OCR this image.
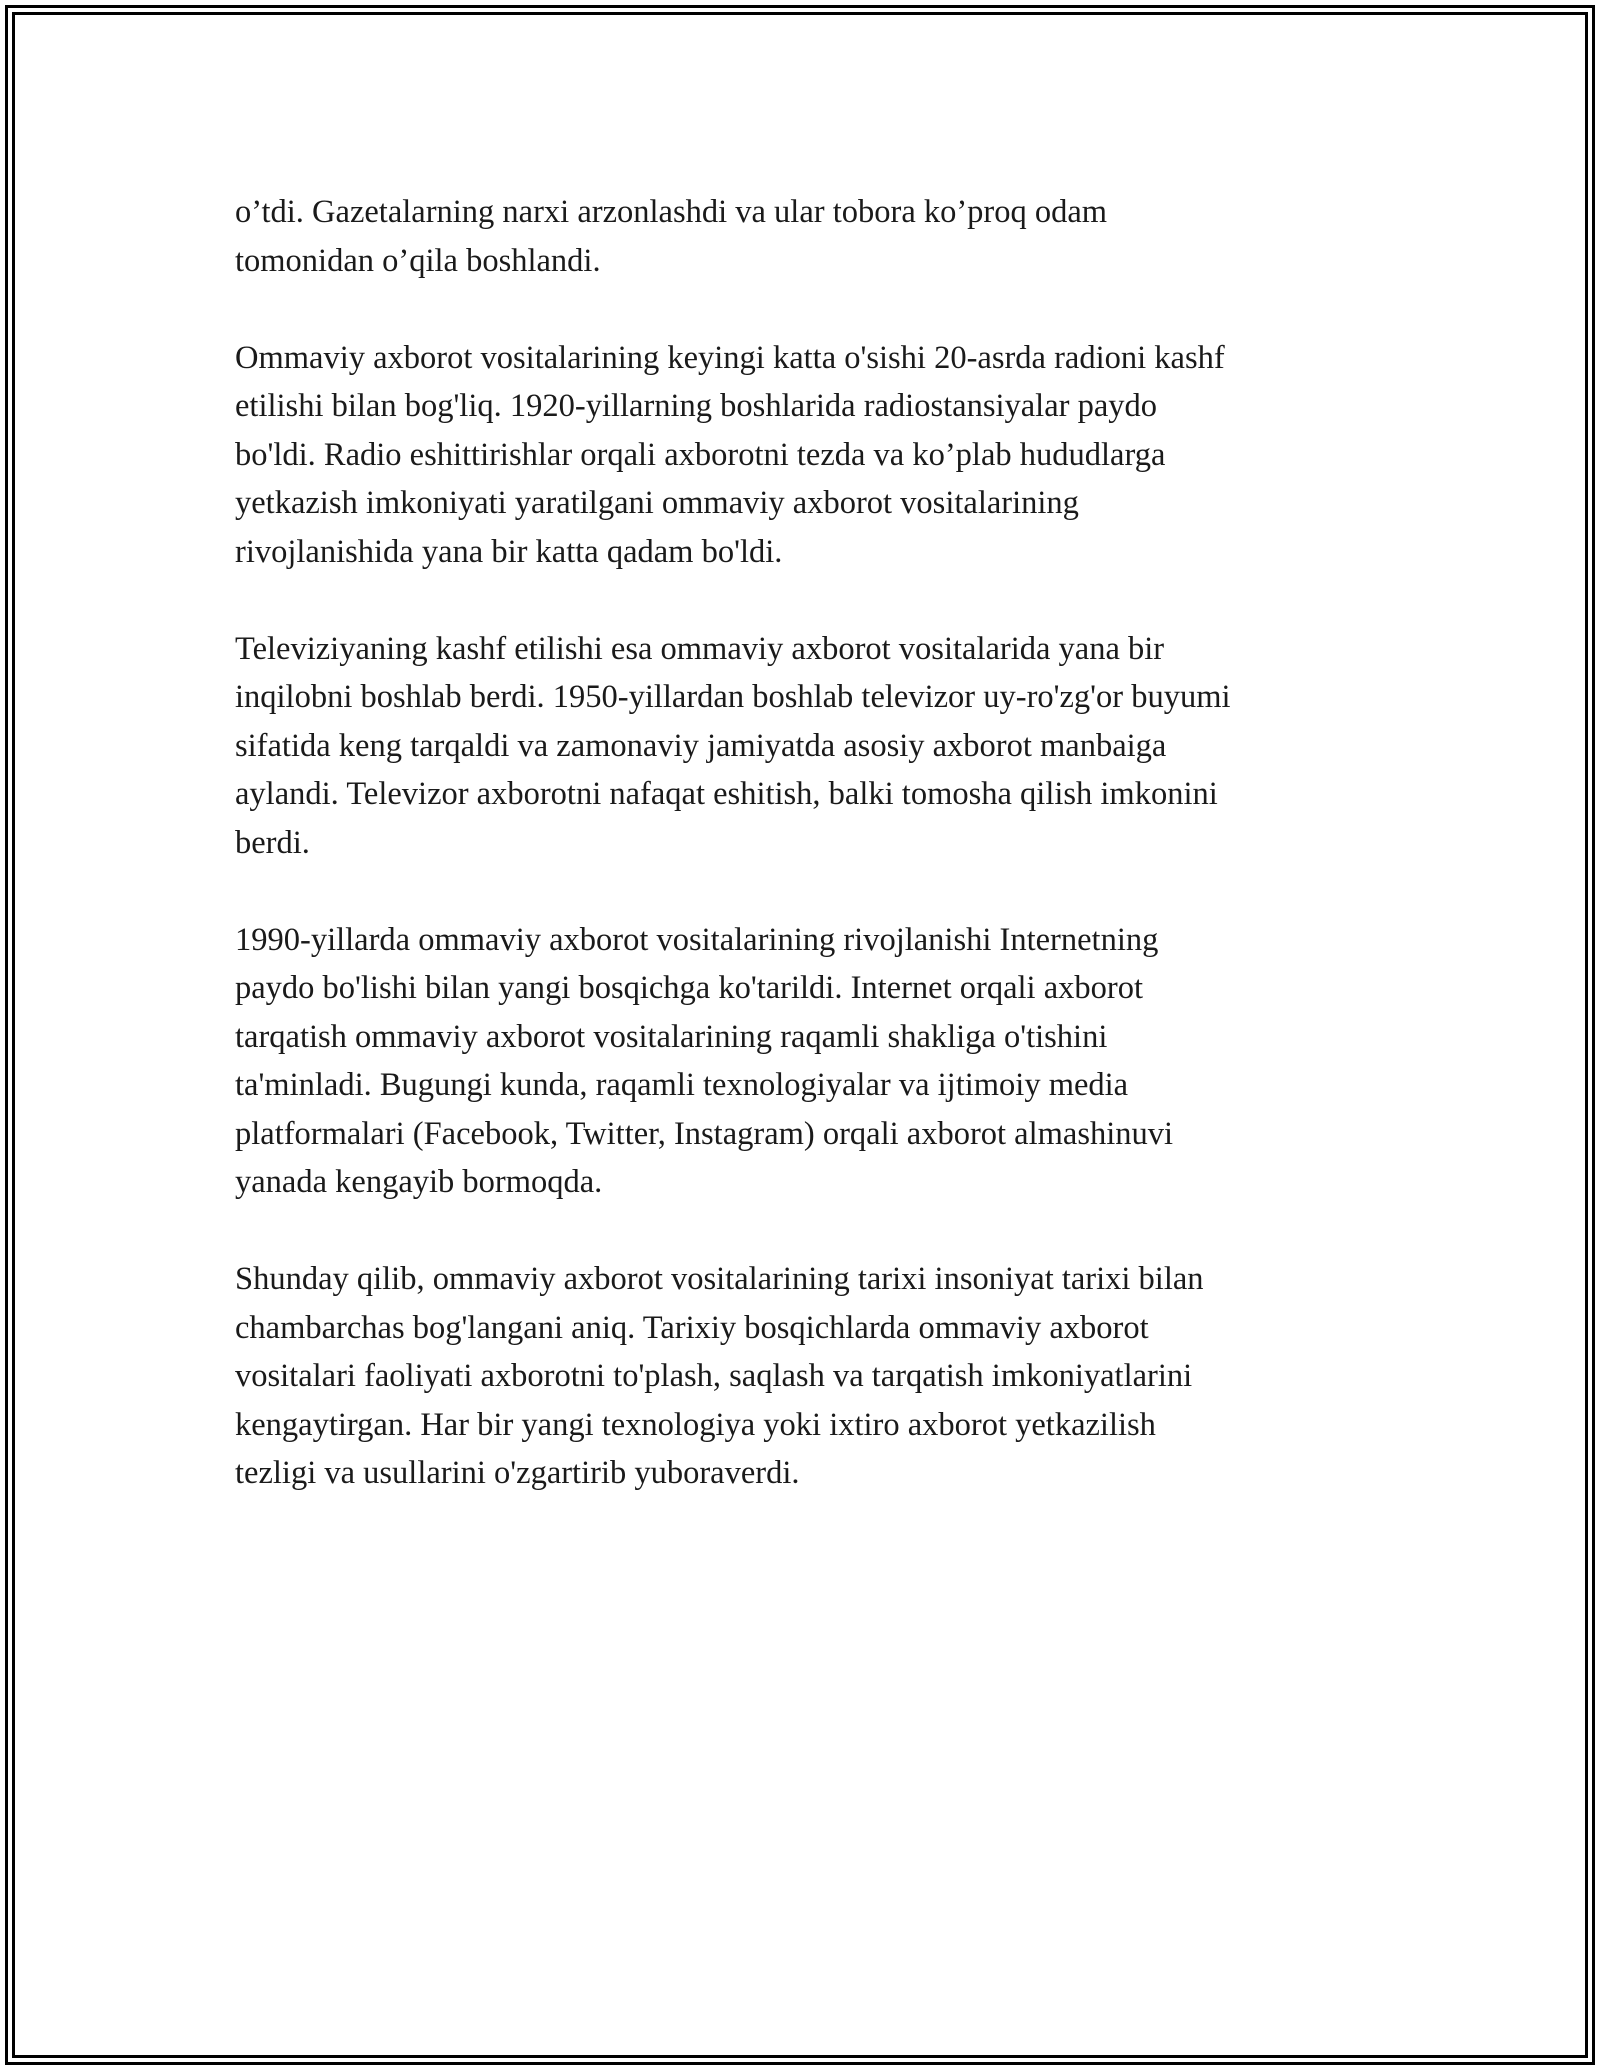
o’tdi. Gazetalarning narxi arzonlashdi va ular tobora ko’proq odam
tomonidan o’qila boshlandi.

Ommaviy axborot vositalarining keyingi katta o'sishi 20-asrda radioni kashf
etilishi bilan bog'liq. 1920-yillarning boshlarida radiostansiyalar paydo
bo'ldi. Radio eshittirishlar orqali axborotni tezda va ko’plab hududlarga
yetkazish imkoniyati yaratilgani ommaviy axborot vositalarining
rivojlanishida yana bir katta qadam bo'ldi.

Televiziyaning kashf etilishi esa ommaviy axborot vositalarida yana bir
inqilobni boshlab berdi. 1950-yillardan boshlab televizor uy-ro'zg'or buyumi
sifatida keng tarqaldi va zamonaviy jamiyatda asosiy axborot manbaiga
aylandi. Televizor axborotni nafaqat eshitish, balki tomosha qilish imkonini
berdi.

1990-yillarda ommaviy axborot vositalarining rivojlanishi Internetning
paydo bo'lishi bilan yangi bosqichga ko'tarildi. Internet orqali axborot
tarqatish ommaviy axborot vositalarining raqamli shakliga o'tishini
ta'minladi. Bugungi kunda, raqamli texnologiyalar va ijtimoiy media
platformalari (Facebook, Twitter, Instagram) orqali axborot almashinuvi
yanada kengayib bormoqda.

Shunday qilib, ommaviy axborot vositalarining tarixi insoniyat tarixi bilan
chambarchas bog'langani aniq. Tarixiy bosqichlarda ommaviy axborot
vositalari faoliyati axborotni to'plash, saqlash va tarqatish imkoniyatlarini
kengaytirgan. Har bir yangi texnologiya yoki ixtiro axborot yetkazilish
tezligi va usullarini o'zgartirib yuboraverdi.
